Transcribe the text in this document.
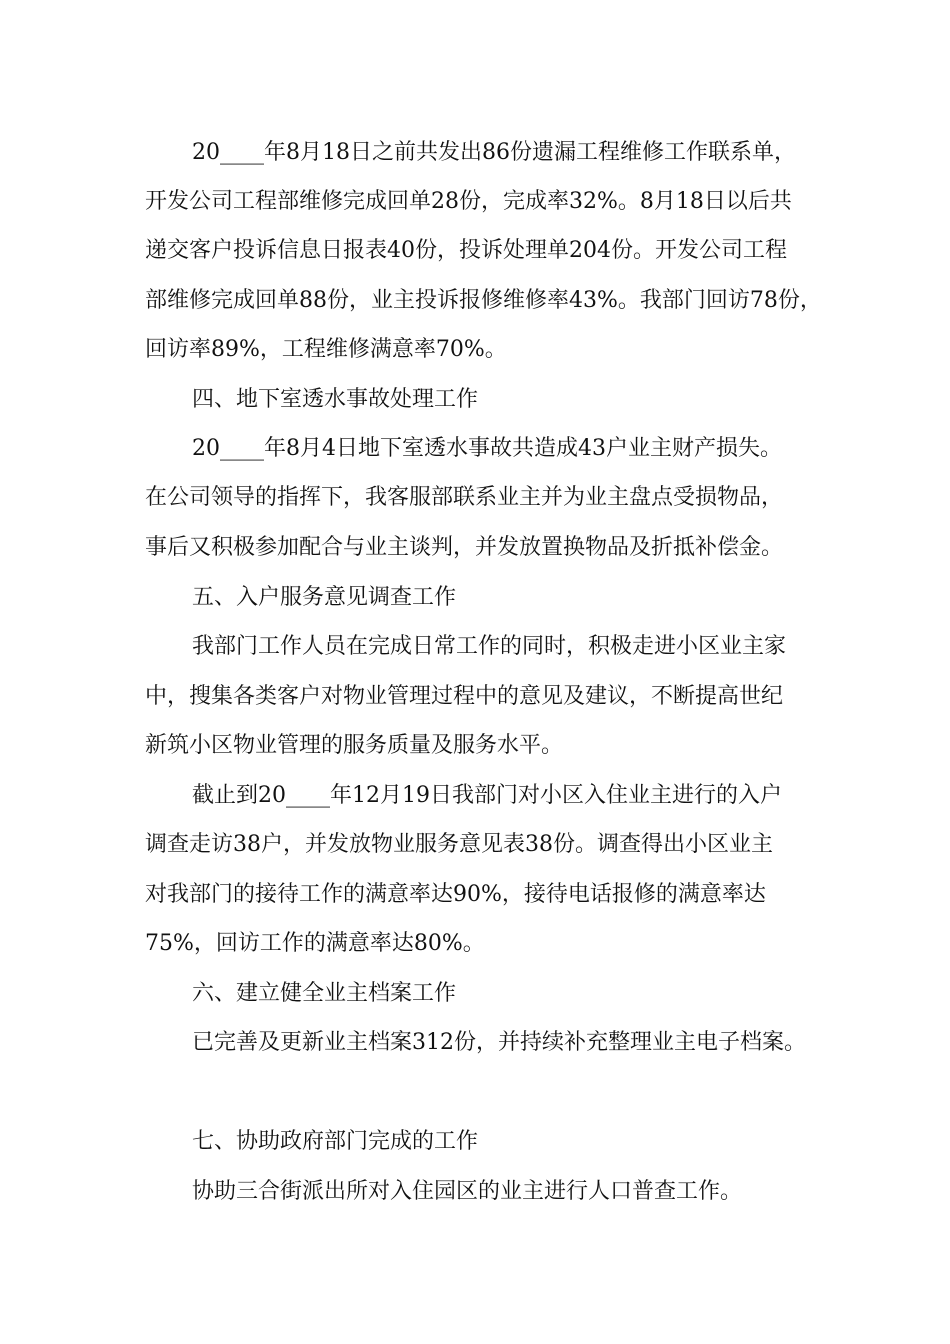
20____年8月18日之前共发出86份遗漏工程维修工作联系单，
开发公司工程部维修完成回单28份，完成率32%。8月18日以后共
递交客户投诉信息日报表40份，投诉处理单204份。开发公司工程
部维修完成回单88份，业主投诉报修维修率43%。我部门回访78份，
回访率89%，工程维修满意率70%。
四、地下室透水事故处理工作
20____年8月4日地下室透水事故共造成43户业主财产损失。
在公司领导的指挥下，我客服部联系业主并为业主盘点受损物品，
事后又积极参加配合与业主谈判，并发放置换物品及折抵补偿金。
五、入户服务意见调查工作
我部门工作人员在完成日常工作的同时，积极走进小区业主家
中，搜集各类客户对物业管理过程中的意见及建议，不断提高世纪
新筑小区物业管理的服务质量及服务水平。
截止到20____年12月19日我部门对小区入住业主进行的入户
调查走访38户，并发放物业服务意见表38份。调查得出小区业主
对我部门的接待工作的满意率达90%，接待电话报修的满意率达
75%，回访工作的满意率达80%。
六、建立健全业主档案工作
已完善及更新业主档案312份，并持续补充整理业主电子档案。
七、协助政府部门完成的工作
协助三合街派出所对入住园区的业主进行人口普查工作。
